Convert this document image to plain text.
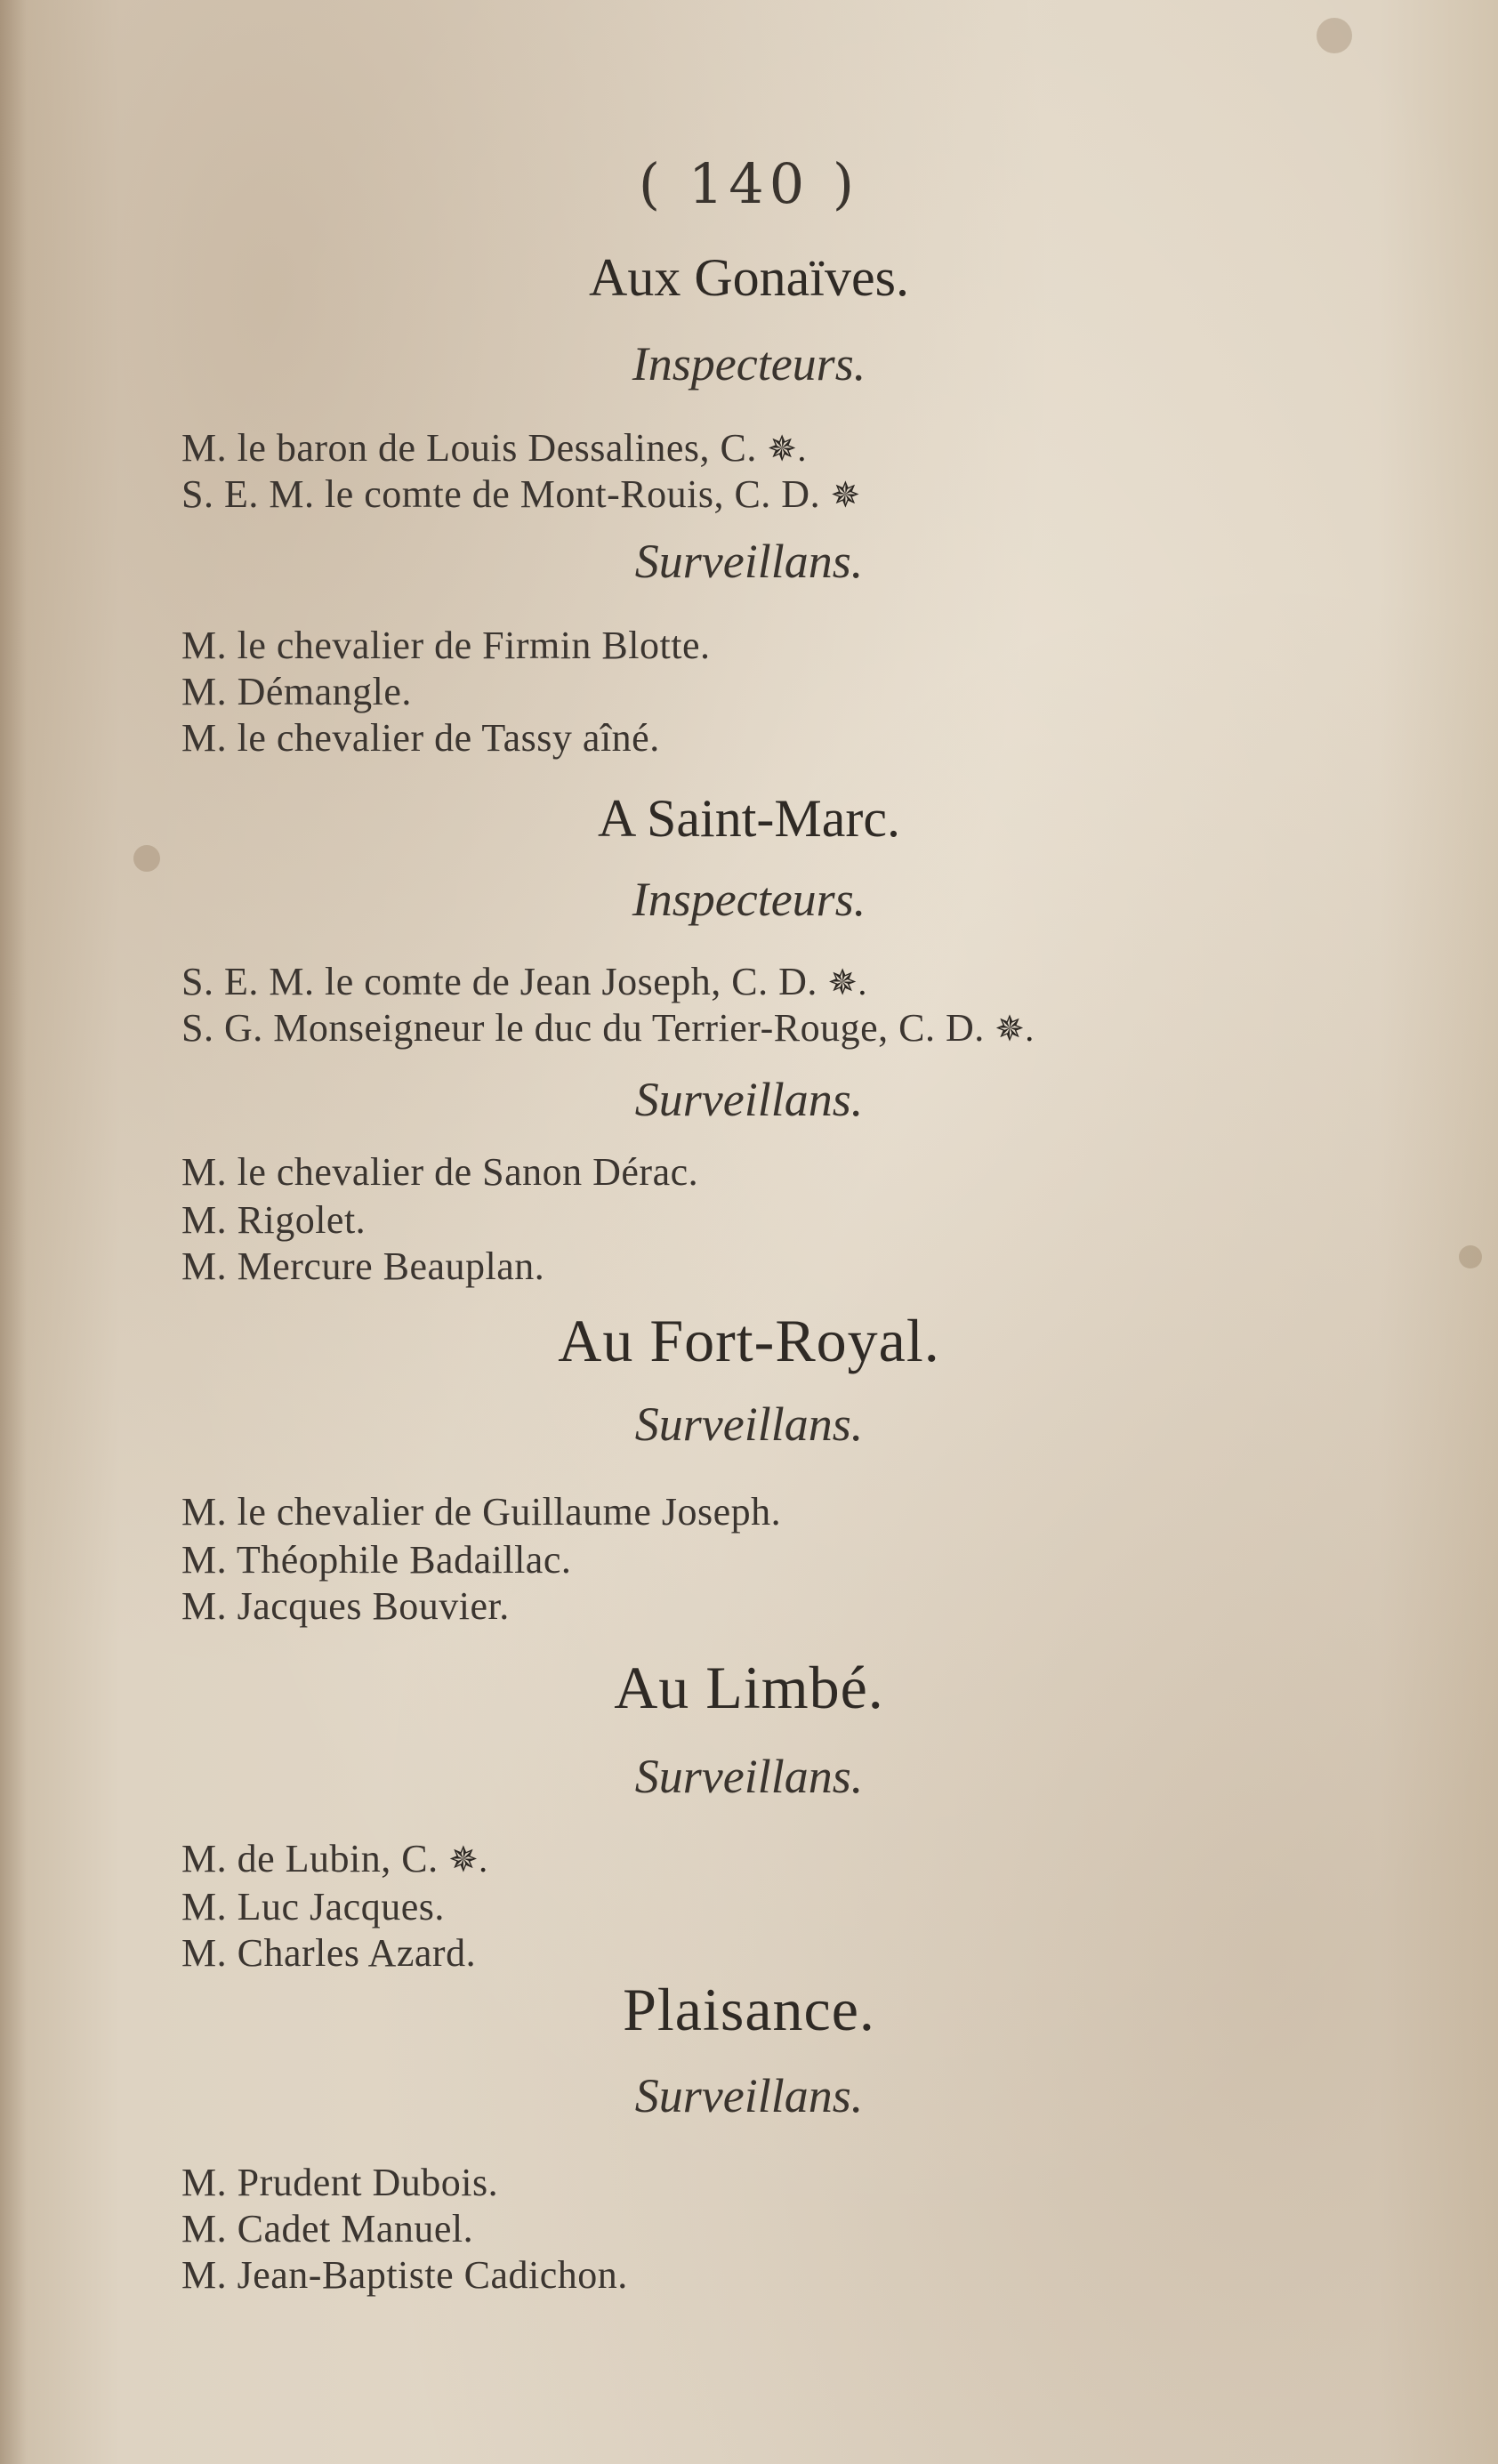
( 140 )
Aux Gonaïves.
Inspecteurs.
M. le baron de Louis Dessalines, C. ✵.
S. E. M. le comte de Mont-Rouis, C. D. ✵
Surveillans.
M. le chevalier de Firmin Blotte.
M. Démangle.
M. le chevalier de Tassy aîné.
A Saint-Marc.
Inspecteurs.
S. E. M. le comte de Jean Joseph, C. D. ✵.
S. G. Monseigneur le duc du Terrier-Rouge, C. D. ✵.
Surveillans.
M. le chevalier de Sanon Dérac.
M. Rigolet.
M. Mercure Beauplan.
Au Fort-Royal.
Surveillans.
M. le chevalier de Guillaume Joseph.
M. Théophile Badaillac.
M. Jacques Bouvier.
Au Limbé.
Surveillans.
M. de Lubin, C. ✵.
M. Luc Jacques.
M. Charles Azard.
Plaisance.
Surveillans.
M. Prudent Dubois.
M. Cadet Manuel.
M. Jean-Baptiste Cadichon.
